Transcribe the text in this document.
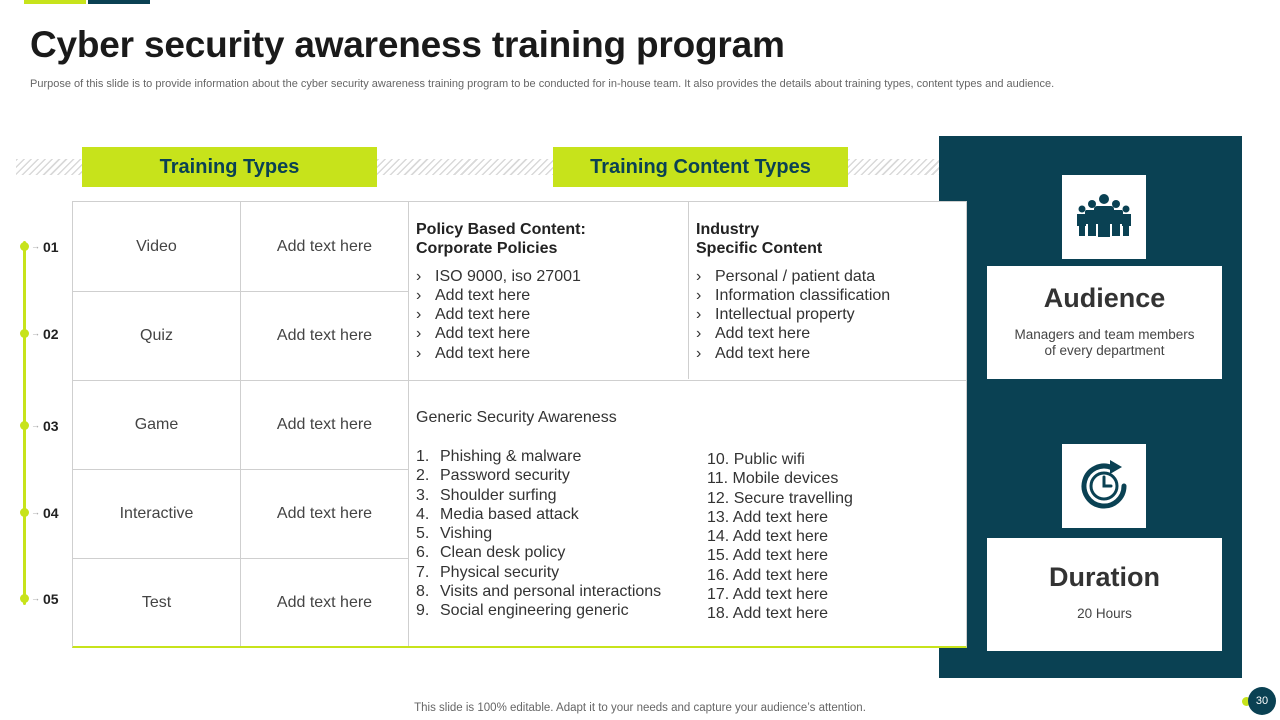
Cyber security awareness training program
Purpose of this slide is to provide information about the cyber security awareness training program to be conducted for in-house team. It also provides the details about training types, content types and audience.
Training Types	Training Content Types
Video	Add text here
Quiz	Add text here
Game	Add text here
Interactive	Add text here
Test	Add text here
→ 01
→ 02
→ 03
→ 04
→ 05
Policy Based Content:
Corporate Policies
› ISO 9000, iso 27001
› Add text here
› Add text here
› Add text here
› Add text here
Industry
Specific Content
› Personal / patient data
› Information classification
› Intellectual property
› Add text here
› Add text here
Generic Security Awareness
1. Phishing & malware
2. Password security
3. Shoulder surfing
4. Media based attack
5. Vishing
6. Clean desk policy
7. Physical security
8. Visits and personal interactions
9. Social engineering generic
10. Public wifi
11. Mobile devices
12. Secure travelling
13. Add text here
14. Add text here
15. Add text here
16. Add text here
17. Add text here
18. Add text here
Audience
Managers and team members
of every department
Duration
20 Hours
This slide is 100% editable. Adapt it to your needs and capture your audience’s attention.
30
